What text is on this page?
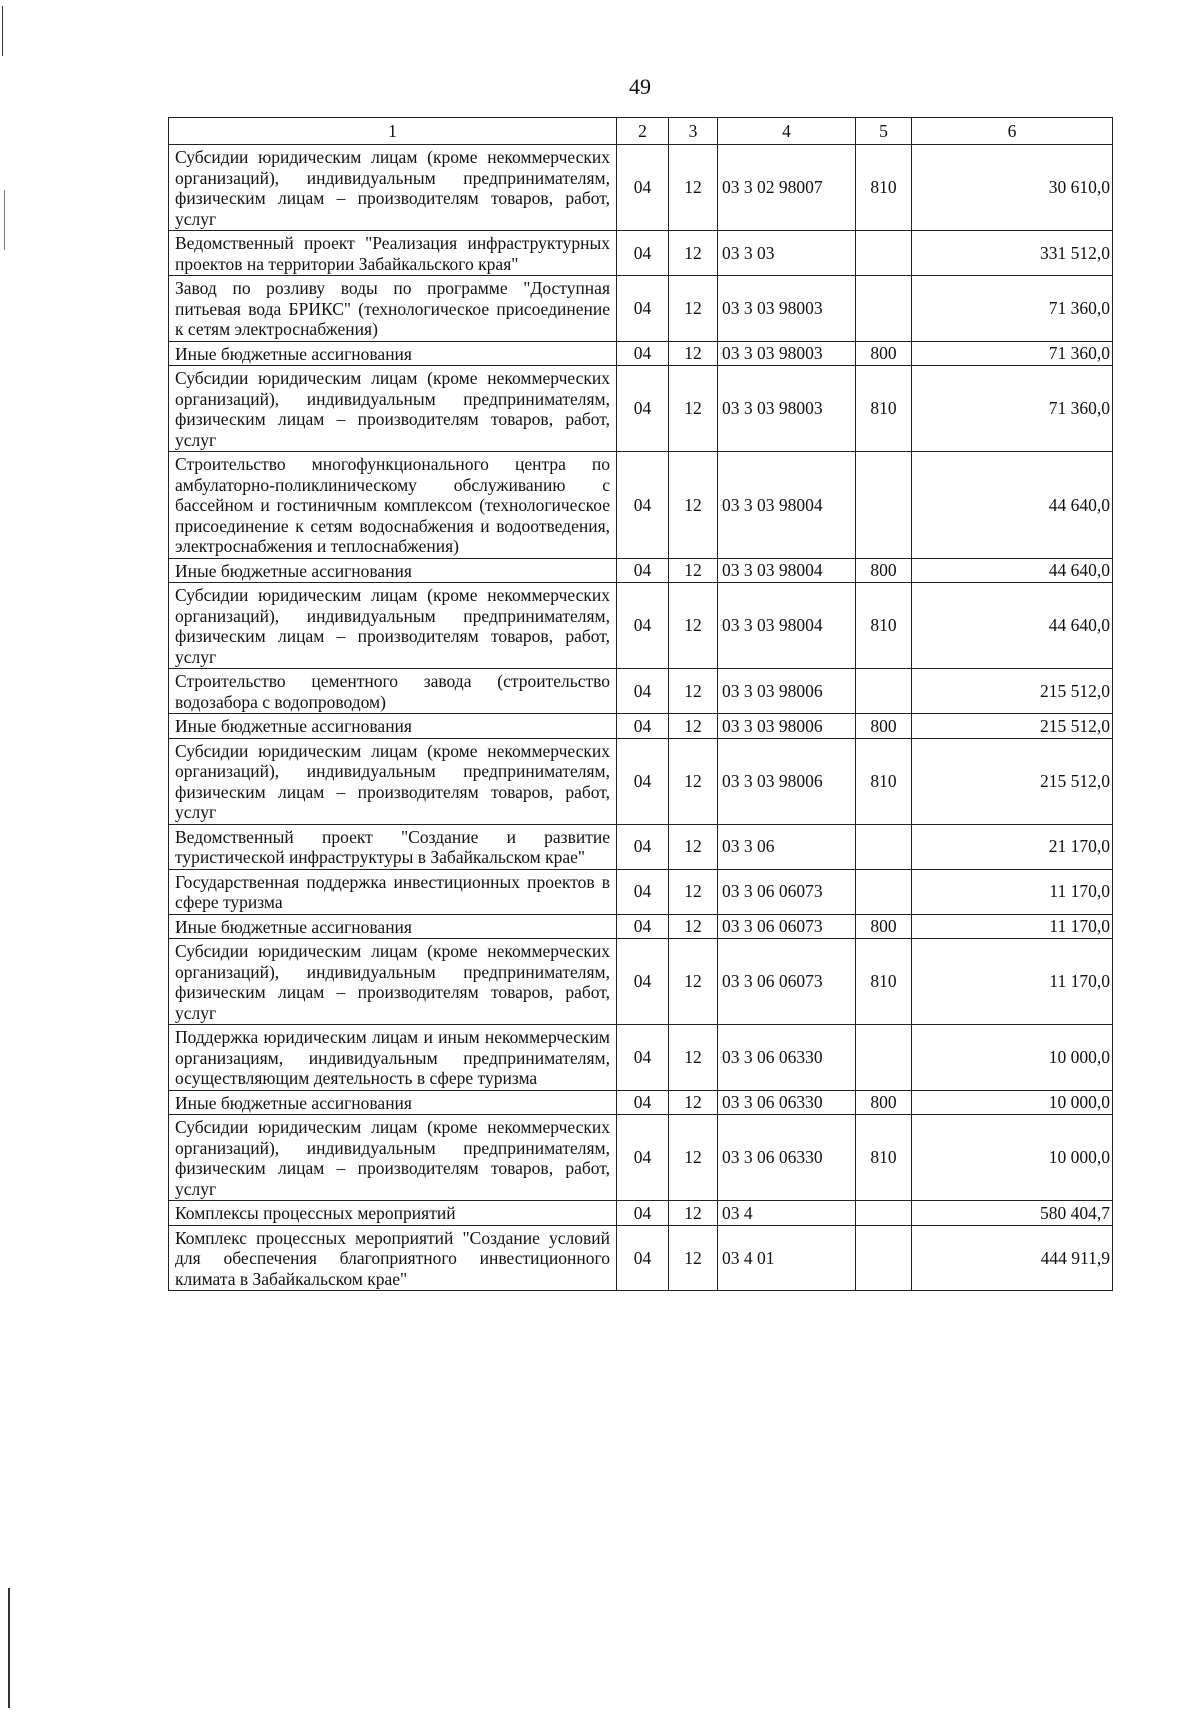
49
1	2	3	4	5	6
Субсидии юридическим лицам (кроме некоммерческих организаций), индивидуальным предпринимателям, физическим лицам – производителям товаров, работ, услуг	04	12	03 3 02 98007	810	30 610,0
Ведомственный проект "Реализация инфраструктурных проектов на территории Забайкальского края"	04	12	03 3 03		331 512,0
Завод по розливу воды по программе "Доступная питьевая вода БРИКС" (технологическое присоединение к сетям электроснабжения)	04	12	03 3 03 98003		71 360,0
Иные бюджетные ассигнования	04	12	03 3 03 98003	800	71 360,0
Субсидии юридическим лицам (кроме некоммерческих организаций), индивидуальным предпринимателям, физическим лицам – производителям товаров, работ, услуг	04	12	03 3 03 98003	810	71 360,0
Строительство многофункционального центра по амбулаторно-поликлиническому обслуживанию с бассейном и гостиничным комплексом (технологическое присоединение к сетям водоснабжения и водоотведения, электроснабжения и теплоснабжения)	04	12	03 3 03 98004		44 640,0
Иные бюджетные ассигнования	04	12	03 3 03 98004	800	44 640,0
Субсидии юридическим лицам (кроме некоммерческих организаций), индивидуальным предпринимателям, физическим лицам – производителям товаров, работ, услуг	04	12	03 3 03 98004	810	44 640,0
Строительство цементного завода (строительство водозабора с водопроводом)	04	12	03 3 03 98006		215 512,0
Иные бюджетные ассигнования	04	12	03 3 03 98006	800	215 512,0
Субсидии юридическим лицам (кроме некоммерческих организаций), индивидуальным предпринимателям, физическим лицам – производителям товаров, работ, услуг	04	12	03 3 03 98006	810	215 512,0
Ведомственный проект "Создание и развитие туристической инфраструктуры в Забайкальском крае"	04	12	03 3 06		21 170,0
Государственная поддержка инвестиционных проектов в сфере туризма	04	12	03 3 06 06073		11 170,0
Иные бюджетные ассигнования	04	12	03 3 06 06073	800	11 170,0
Субсидии юридическим лицам (кроме некоммерческих организаций), индивидуальным предпринимателям, физическим лицам – производителям товаров, работ, услуг	04	12	03 3 06 06073	810	11 170,0
Поддержка юридическим лицам и иным некоммерческим организациям, индивидуальным предпринимателям, осуществляющим деятельность в сфере туризма	04	12	03 3 06 06330		10 000,0
Иные бюджетные ассигнования	04	12	03 3 06 06330	800	10 000,0
Субсидии юридическим лицам (кроме некоммерческих организаций), индивидуальным предпринимателям, физическим лицам – производителям товаров, работ, услуг	04	12	03 3 06 06330	810	10 000,0
Комплексы процессных мероприятий	04	12	03 4		580 404,7
Комплекс процессных мероприятий "Создание условий для обеспечения благоприятного инвестиционного климата в Забайкальском крае"	04	12	03 4 01		444 911,9
